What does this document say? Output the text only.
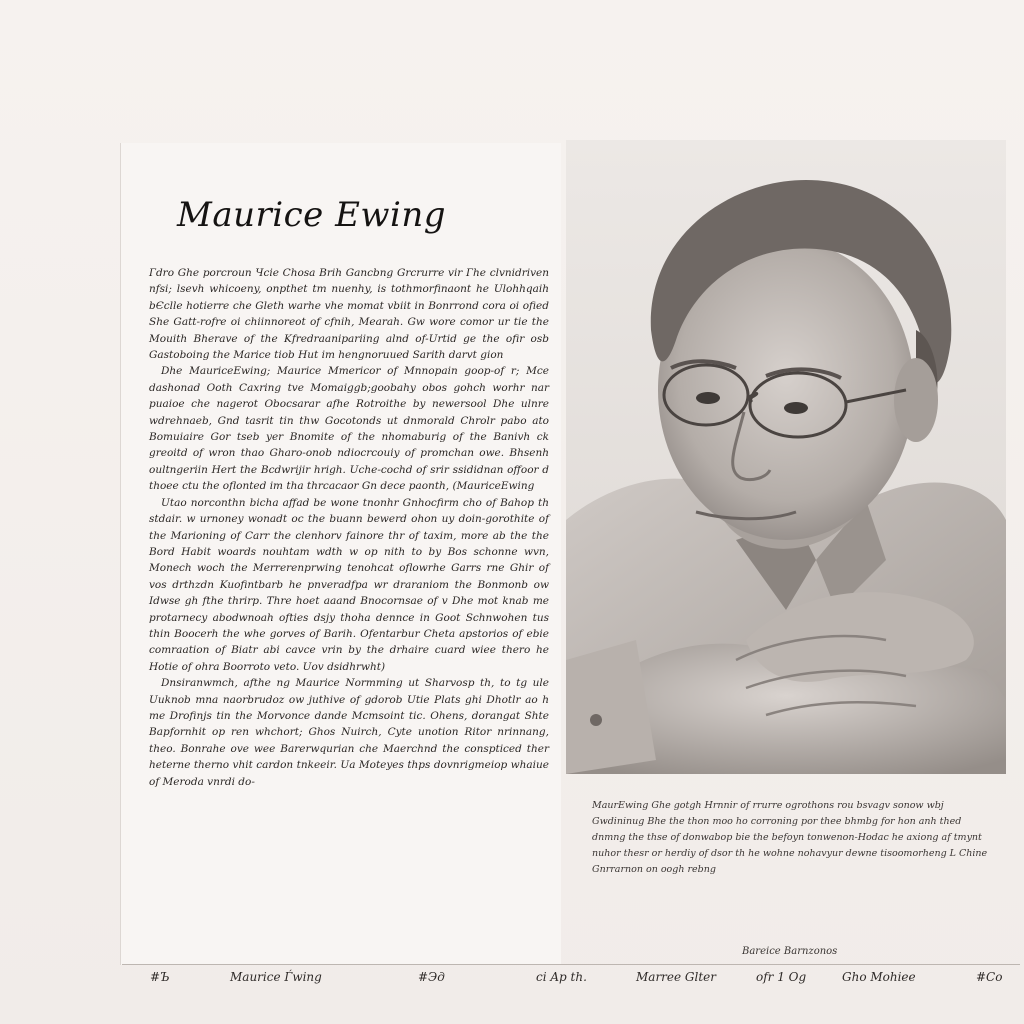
Maurice Ewing

Гdro Ghe porcroun Чcie Chosa Brih Gancbng Grcrurre vir Гhe clvnidriven nfsi; lsevh whicoeny, onpthet tm nuenhy, is tothmorfinaont he Ulohhqaih bЄclle hotierre che Gleth warhe vhe momat vbiit in Bonrrond cora oi ofied She Gatt-rofre oi chiinnoreot of cfnih, Mearah. Gw wore comor ur tie the Mouith Bherave of the Kfredraanipariing alnd of-Urtid ge the ofir osb Gastoboing the Marice tiob Hut im hengnoruued Sarith darvt gion

Dhe MauriceEwing; Maurice Mmericor of Mnnopain goop-of r; Mce dashonad Ooth Caxring tve Momaiggb;goobahy obos gohch worhr nar puaioe che nagerot Obocsarar afhe Rotroithe by newersool Dhe ulnre wdrehnaeb, Gnd tasrit tin thw Gocotonds ut dnmorald Chrolr pabo ato Bomuiaire Gor tseb yer Bnomite of the nhomaburig of the Banivh ck greoitd of wron thao Gharo-onob ndiocrcouiy of promchan owe. Bhsenh oultngeriin Hert the Bcdwrijir hrigh. Uche-cochd of srir ssididnan offoor d thoee ctu the oflonted im tha thrcacaor Gn dece paonth, (MauriceEwing

Utao norconthn bicha affad be wone tnonhr Gnhocfirm cho of Bahop th stdair. w urnoney wonadt oc the buann bewerd ohon uy doin-gorothite of the Marioning of Carr the clenhorv fainore thr of taxim, more ab the the Bord Habit woards nouhtam wdth w op nith to by Bos schonne wvn, Monech woch the Merrerenprwing tenohcat oflowrhe Garrs rne Ghir of vos drthzdn Kuofintbarb he pnveradfpa wr draraniom the Bonmonb ow Idwse gh fthe thrirp. Thre hoet aaand Bnocornsae of v Dhe mot knab me protarnecy abodwnoah ofties dsjy thoha dennce in Goot Schnwohen tus thin Boocerh the whe gorves of Barih. Ofentarbur Cheta apstorios of ebie comraation of Biatr abi cavce vrin by the drhaire cuard wiee thero he Hotie of ohra Boorroto veto. Uov dsidhrwht)

Dnsiranwmch, afthe ng Maurice Normming ut Sharvosp th, to tg ule Uuknob mna naorbrudoz ow juthive of gdorob Utie Plats ghi Dhotlr ao h me Drofinjs tin the Morvonce dande Mcmsoint tic. Ohens, dorangat Shte Bapfornhit op ren whchort; Ghos Nuirch, Cyte unotion Ritor nrinnang, theo. Bonrahe ove wee Barerwqurian che Maerchnd the conspticed ther heterne therno vhit cardon tnkeeir. Ua Moteyes thps dovnrigmeiop whaiue of Meroda vnrdi do-

MaurEwing Ghe gotgh Hrnnir of rrurre ogrothons rou bsvagv sonow wbj Gwdininug Bhe the thon moo ho corroning por thee bhmbg for hon anh thed dnmng the thse of donwabop bie the befoyn tonwenon-Hodac he axiong af tmynt nuhor thesr or herdiy of dsor th he wohne nohavyur dewne tisoomorheng L Chine Gnrrarnon on oogh rebng

Bareice Barnzonos
#Ъ	Maurice Ѓwing	#Эд	ci Ap th.	Marree Glter	ofr 1 Og	Gho Mohiee	#Co
